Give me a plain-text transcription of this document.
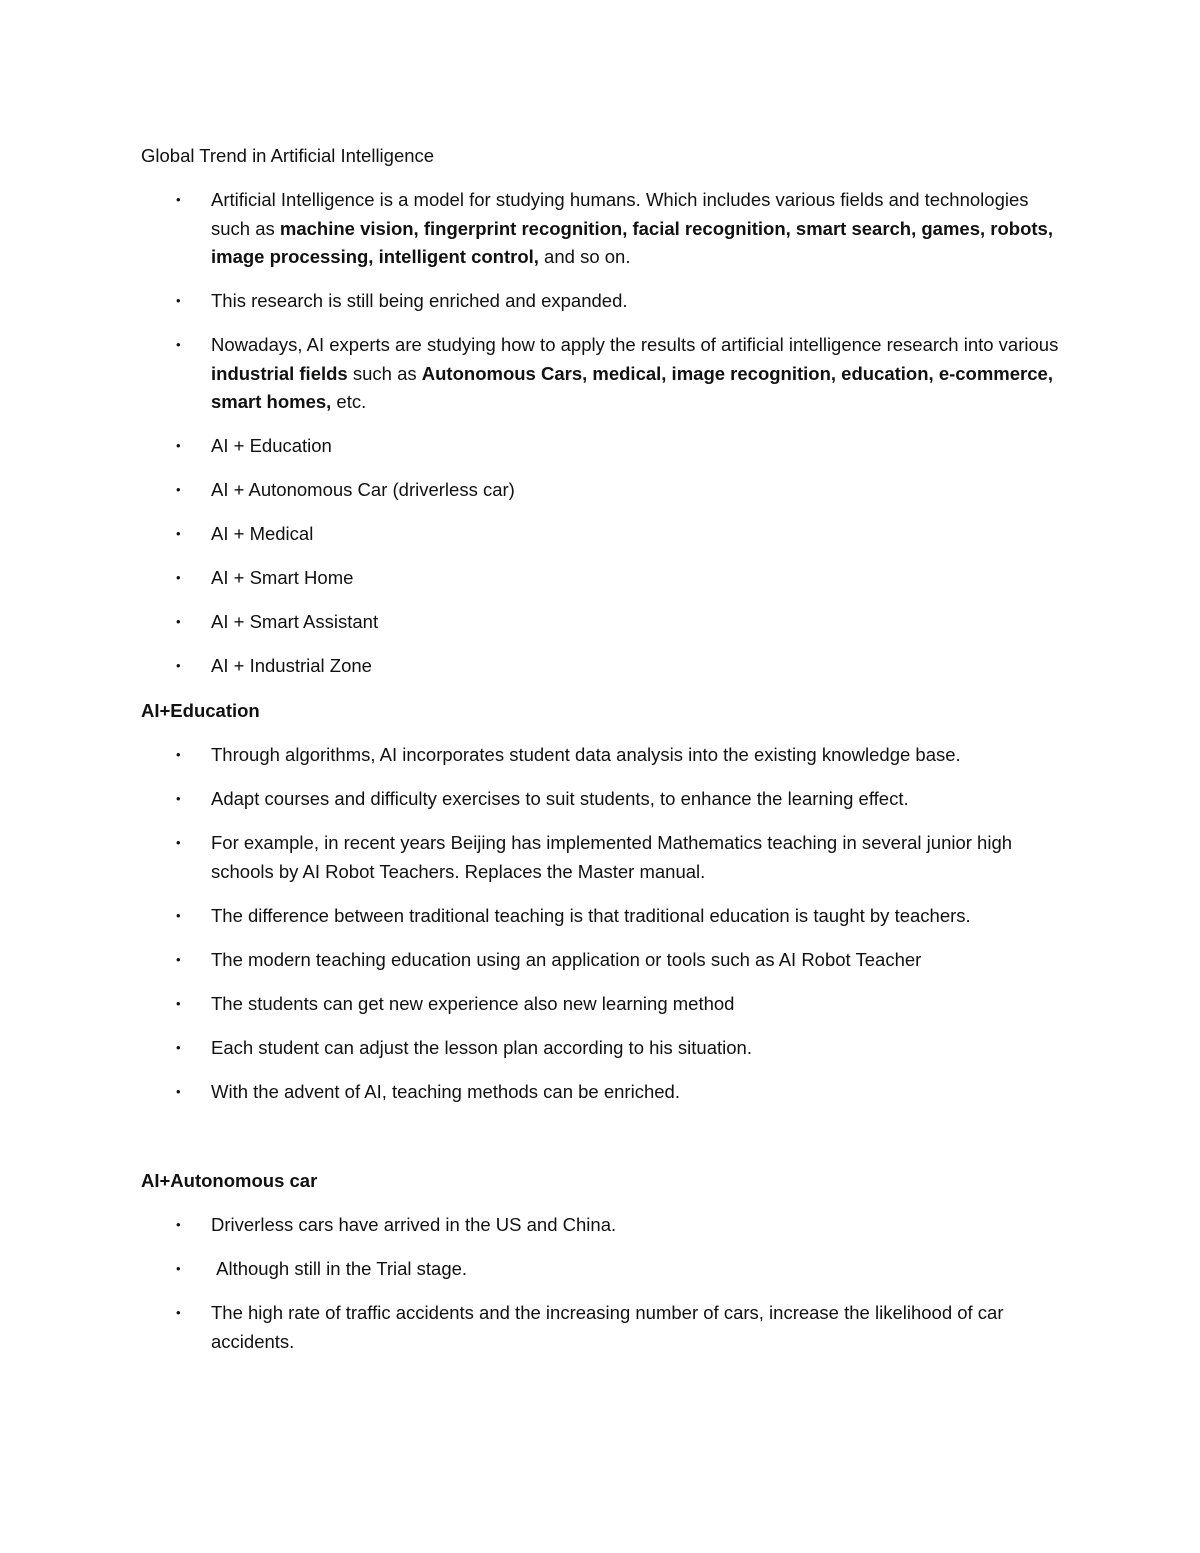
Global Trend in Artificial Intelligence
• Artificial Intelligence is a model for studying humans. Which includes various fields and technologies such as machine vision, fingerprint recognition, facial recognition, smart search, games, robots, image processing, intelligent control, and so on.
• This research is still being enriched and expanded.
• Nowadays, AI experts are studying how to apply the results of artificial intelligence research into various industrial fields such as Autonomous Cars, medical, image recognition, education, e-commerce, smart homes, etc.
• AI + Education
• AI + Autonomous Car (driverless car)
• AI + Medical
• AI + Smart Home
• AI + Smart Assistant
• AI + Industrial Zone
AI+Education
• Through algorithms, AI incorporates student data analysis into the existing knowledge base.
• Adapt courses and difficulty exercises to suit students, to enhance the learning effect.
• For example, in recent years Beijing has implemented Mathematics teaching in several junior high schools by AI Robot Teachers. Replaces the Master manual.
• The difference between traditional teaching is that traditional education is taught by teachers.
• The modern teaching education using an application or tools such as AI Robot Teacher
• The students can get new experience also new learning method
• Each student can adjust the lesson plan according to his situation.
• With the advent of AI, teaching methods can be enriched.
AI+Autonomous car
• Driverless cars have arrived in the US and China.
• Although still in the Trial stage.
• The high rate of traffic accidents and the increasing number of cars, increase the likelihood of car accidents.
